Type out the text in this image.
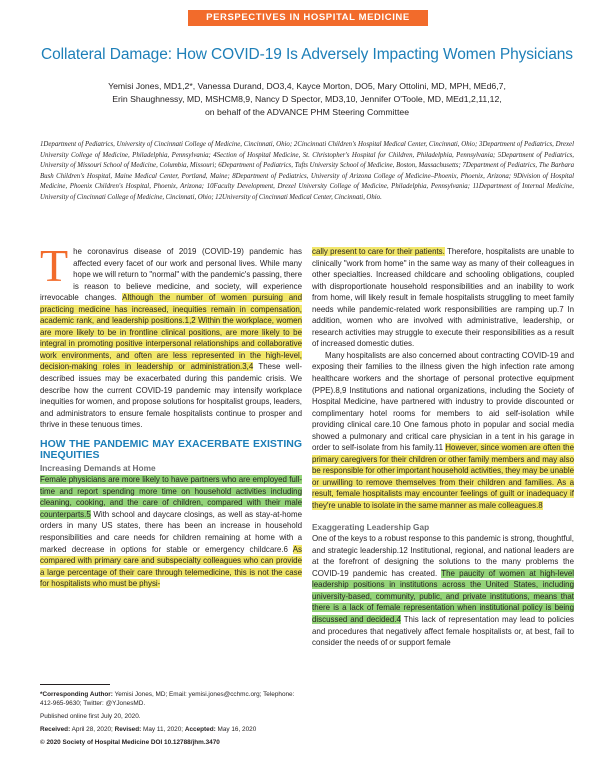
PERSPECTIVES IN HOSPITAL MEDICINE
Collateral Damage: How COVID-19 Is Adversely Impacting Women Physicians
Yemisi Jones, MD1,2*, Vanessa Durand, DO3,4, Kayce Morton, DO5, Mary Ottolini, MD, MPH, MEd6,7,
Erin Shaughnessy, MD, MSHCM8,9, Nancy D Spector, MD3,10, Jennifer O'Toole, MD, MEd1,2,11,12,
on behalf of the ADVANCE PHM Steering Committee
1Department of Pediatrics, University of Cincinnati College of Medicine, Cincinnati, Ohio; 2Cincinnati Children's Hospital Medical Center, Cincinnati, Ohio; 3Department of Pediatrics, Drexel University College of Medicine, Philadelphia, Pennsylvania; 4Section of Hospital Medicine, St. Christopher's Hospital for Children, Philadelphia, Pennsylvania; 5Department of Pediatrics, University of Missouri School of Medicine, Columbia, Missouri; 6Department of Pediatrics, Tufts University School of Medicine, Boston, Massachusetts; 7Department of Pediatrics, The Barbara Bush Children's Hospital, Maine Medical Center, Portland, Maine; 8Department of Pediatrics, University of Arizona College of Medicine–Phoenix, Phoenix, Arizona; 9Division of Hospital Medicine, Phoenix Children's Hospital, Phoenix, Arizona; 10Faculty Development, Drexel University College of Medicine, Philadelphia, Pennsylvania; 11Department of Internal Medicine, University of Cincinnati College of Medicine, Cincinnati, Ohio; 12University of Cincinnati Medical Center, Cincinnati, Ohio.

The coronavirus disease of 2019 (COVID-19) pandemic has affected every facet of our work and personal lives. While many hope we will return to "normal" with the pandemic's passing, there is reason to believe medicine, and society, will experience irrevocable changes. Although the number of women pursuing and practicing medicine has increased, inequities remain in compensation, academic rank, and leadership positions.1,2 Within the workplace, women are more likely to be in frontline clinical positions, are more likely to be integral in promoting positive interpersonal relationships and collaborative work environments, and often are less represented in the high-level, decision-making roles in leadership or administration.3,4 These well-described issues may be exacerbated during this pandemic crisis. We describe how the current COVID-19 pandemic may intensify workplace inequities for women, and propose solutions for hospitalist groups, leaders, and administrators to ensure female hospitalists continue to prosper and thrive in these tenuous times.

HOW THE PANDEMIC MAY EXACERBATE EXISTING INEQUITIES
Increasing Demands at Home

Female physicians are more likely to have partners who are employed full-time and report spending more time on household activities including cleaning, cooking, and the care of children, compared with their male counterparts.5 With school and daycare closings, as well as stay-at-home orders in many US states, there has been an increase in household responsibilities and care needs for children remaining at home with a marked decrease in options for stable or emergency childcare.6 As compared with primary care and subspecialty colleagues who can provide a large percentage of their care through telemedicine, this is not the case for hospitalists who must be physi-

cally present to care for their patients. Therefore, hospitalists are unable to clinically "work from home" in the same way as many of their colleagues in other specialties. Increased childcare and schooling obligations, coupled with disproportionate household responsibilities and an inability to work from home, will likely result in female hospitalists struggling to meet family needs while pandemic-related work responsibilities are ramping up.7 In addition, women who are involved with administrative, leadership, or research activities may struggle to execute their responsibilities as a result of increased domestic duties.

Many hospitalists are also concerned about contracting COVID-19 and exposing their families to the illness given the high infection rate among healthcare workers and the shortage of personal protective equipment (PPE).8,9 Institutions and national organizations, including the Society of Hospital Medicine, have partnered with industry to provide discounted or complimentary hotel rooms for members to aid self-isolation while providing clinical care.10 One famous photo in popular and social media showed a pulmonary and critical care physician in a tent in his garage in order to self-isolate from his family.11 However, since women are often the primary caregivers for their children or other family members and may also be responsible for other important household activities, they may be unable or unwilling to remove themselves from their children and families. As a result, female hospitalists may encounter feelings of guilt or inadequacy if they're unable to isolate in the same manner as male colleagues.8

Exaggerating Leadership Gap

One of the keys to a robust response to this pandemic is strong, thoughtful, and strategic leadership.12 Institutional, regional, and national leaders are at the forefront of designing the solutions to the many problems the COVID-19 pandemic has created. The paucity of women at high-level leadership positions in institutions across the United States, including university-based, community, public, and private institutions, means that there is a lack of female representation when institutional policy is being discussed and decided.4 This lack of representation may lead to policies and procedures that negatively affect female hospitalists or, at best, fail to consider the needs of or support female

*Corresponding Author: Yemisi Jones, MD; Email: yemisi.jones@cchmc.org; Telephone: 412-965-9630; Twitter: @YJonesMD.

Published online first July 20, 2020.

Received: April 28, 2020; Revised: May 11, 2020; Accepted: May 16, 2020

© 2020 Society of Hospital Medicine DOI 10.12788/jhm.3470
